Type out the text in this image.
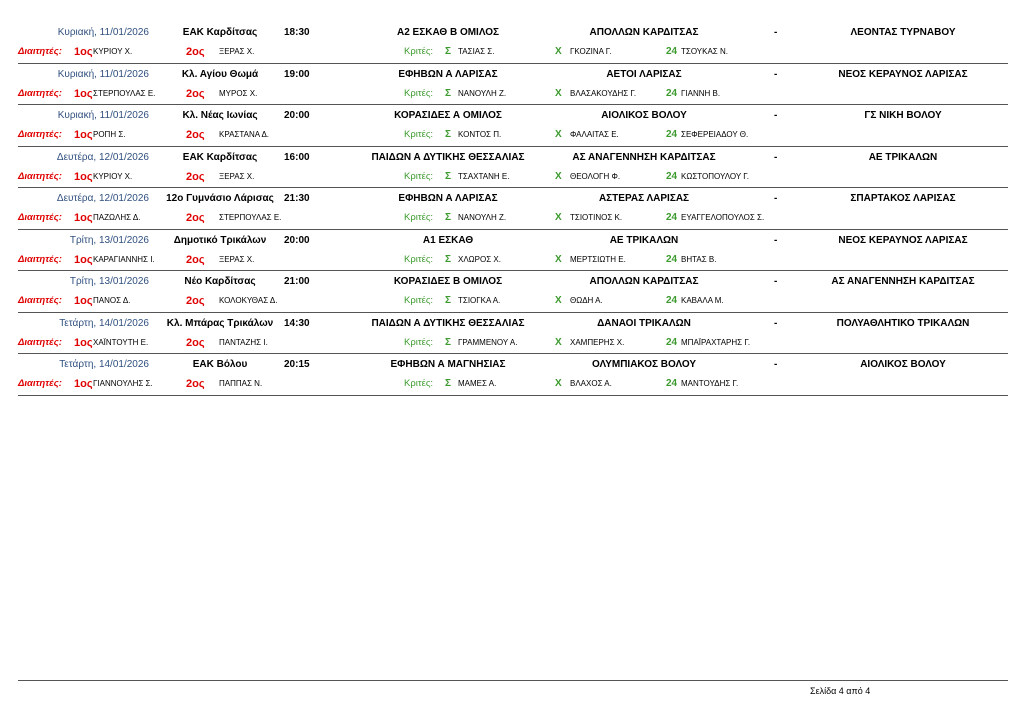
Κυριακή, 11/01/2026	ΕΑΚ Καρδίτσας	18:30	Α2 ΕΣΚΑΘ Β ΟΜΙΛΟΣ	ΑΠΟΛΛΩΝ ΚΑΡΔΙΤΣΑΣ	-	ΛΕΟΝΤΑΣ ΤΥΡΝΑΒΟΥ
Διαιτητές: 1ος ΚΥΡΙΟΥ Χ.	2ος ΞΕΡΑΣ Χ.	Κριτές: Σ ΤΑΣΙΑΣ Σ.	Χ ΓΚΟΖΙΝΑ Γ.	24 ΤΣΟΥΚΑΣ Ν.
Κυριακή, 11/01/2026	Κλ. Αγίου Θωμά	19:00	ΕΦΗΒΩΝ Α ΛΑΡΙΣΑΣ	ΑΕΤΟΙ ΛΑΡΙΣΑΣ	-	ΝΕΟΣ ΚΕΡΑΥΝΟΣ ΛΑΡΙΣΑΣ
Διαιτητές: 1ος ΣΤΕΡΠΟΥΛΑΣ Ε.	2ος ΜΥΡΟΣ Χ.	Κριτές: Σ ΝΑΝΟΥΛΗ Ζ.	Χ ΒΛΑΣΑΚΟΥΔΗΣ Γ.	24 ΓΙΑΝΝΗ Β.
Κυριακή, 11/01/2026	Κλ. Νέας Ιωνίας	20:00	ΚΟΡΑΣΙΔΕΣ Α ΟΜΙΛΟΣ	ΑΙΟΛΙΚΟΣ ΒΟΛΟΥ	-	ΓΣ ΝΙΚΗ ΒΟΛΟΥ
Διαιτητές: 1ος ΡΟΠΗ Σ.	2ος ΚΡΑΣΤΑΝΑ Δ.	Κριτές: Σ ΚΟΝΤΟΣ Π.	Χ ΦΑΛΑΙΤΑΣ Ε.	24 ΣΕΦΕΡΕΙΑΔΟΥ Θ.
Δευτέρα, 12/01/2026	ΕΑΚ Καρδίτσας	16:00	ΠΑΙΔΩΝ Α ΔΥΤΙΚΗΣ ΘΕΣΣΑΛΙΑΣ	ΑΣ ΑΝΑΓΕΝΝΗΣΗ ΚΑΡΔΙΤΣΑΣ	-	ΑΕ ΤΡΙΚΑΛΩΝ
Διαιτητές: 1ος ΚΥΡΙΟΥ Χ.	2ος ΞΕΡΑΣ Χ.	Κριτές: Σ ΤΣΑΧΤΑΝΗ Ε.	Χ ΘΕΟΛΟΓΗ Φ.	24 ΚΩΣΤΟΠΟΥΛΟΥ Γ.
Δευτέρα, 12/01/2026	12ο Γυμνάσιο Λάρισας	21:30	ΕΦΗΒΩΝ Α ΛΑΡΙΣΑΣ	ΑΣΤΕΡΑΣ ΛΑΡΙΣΑΣ	-	ΣΠΑΡΤΑΚΟΣ ΛΑΡΙΣΑΣ
Διαιτητές: 1ος ΠΑΖΩΛΗΣ Δ.	2ος ΣΤΕΡΠΟΥΛΑΣ Ε.	Κριτές: Σ ΝΑΝΟΥΛΗ Ζ.	Χ ΤΣΙΟΤΙΝΟΣ Κ.	24 ΕΥΑΓΓΕΛΟΠΟΥΛΟΣ Σ.
Τρίτη, 13/01/2026	Δημοτικό Τρικάλων	20:00	Α1 ΕΣΚΑΘ	ΑΕ ΤΡΙΚΑΛΩΝ	-	ΝΕΟΣ ΚΕΡΑΥΝΟΣ ΛΑΡΙΣΑΣ
Διαιτητές: 1ος ΚΑΡΑΓΙΑΝΝΗΣ Ι.	2ος ΞΕΡΑΣ Χ.	Κριτές: Σ ΧΛΩΡΟΣ Χ.	Χ ΜΕΡΤΣΙΩΤΗ Ε.	24 ΒΗΤΑΣ Β.
Τρίτη, 13/01/2026	Νέο Καρδίτσας	21:00	ΚΟΡΑΣΙΔΕΣ Β ΟΜΙΛΟΣ	ΑΠΟΛΛΩΝ ΚΑΡΔΙΤΣΑΣ	-	ΑΣ ΑΝΑΓΕΝΝΗΣΗ ΚΑΡΔΙΤΣΑΣ
Διαιτητές: 1ος ΠΑΝΟΣ Δ.	2ος ΚΟΛΟΚΥΘΑΣ Δ.	Κριτές: Σ ΤΣΙΟΓΚΑ Α.	Χ ΘΩΔΗ Α.	24 ΚΑΒΑΛΑ Μ.
Τετάρτη, 14/01/2026	Κλ. Μπάρας Τρικάλων	14:30	ΠΑΙΔΩΝ Α ΔΥΤΙΚΗΣ ΘΕΣΣΑΛΙΑΣ	ΔΑΝΑΟΙ ΤΡΙΚΑΛΩΝ	-	ΠΟΛΥΑΘΛΗΤΙΚΟ ΤΡΙΚΑΛΩΝ
Διαιτητές: 1ος ΧΑΪΝΤΟΥΤΗ Ε.	2ος ΠΑΝΤΑΖΗΣ Ι.	Κριτές: Σ ΓΡΑΜΜΕΝΟΥ Α.	Χ ΧΑΜΠΕΡΗΣ Χ.	24 ΜΠΑΪΡΑΧΤΑΡΗΣ Γ.
Τετάρτη, 14/01/2026	ΕΑΚ Βόλου	20:15	ΕΦΗΒΩΝ Α ΜΑΓΝΗΣΙΑΣ	ΟΛΥΜΠΙΑΚΟΣ ΒΟΛΟΥ	-	ΑΙΟΛΙΚΟΣ ΒΟΛΟΥ
Διαιτητές: 1ος ΓΙΑΝΝΟΥΛΗΣ Σ.	2ος ΠΑΠΠΑΣ Ν.	Κριτές: Σ ΜΑΜΕΣ Α.	Χ ΒΛΑΧΟΣ Α.	24 ΜΑΝΤΟΥΔΗΣ Γ.
Σελίδα 4 από 4
